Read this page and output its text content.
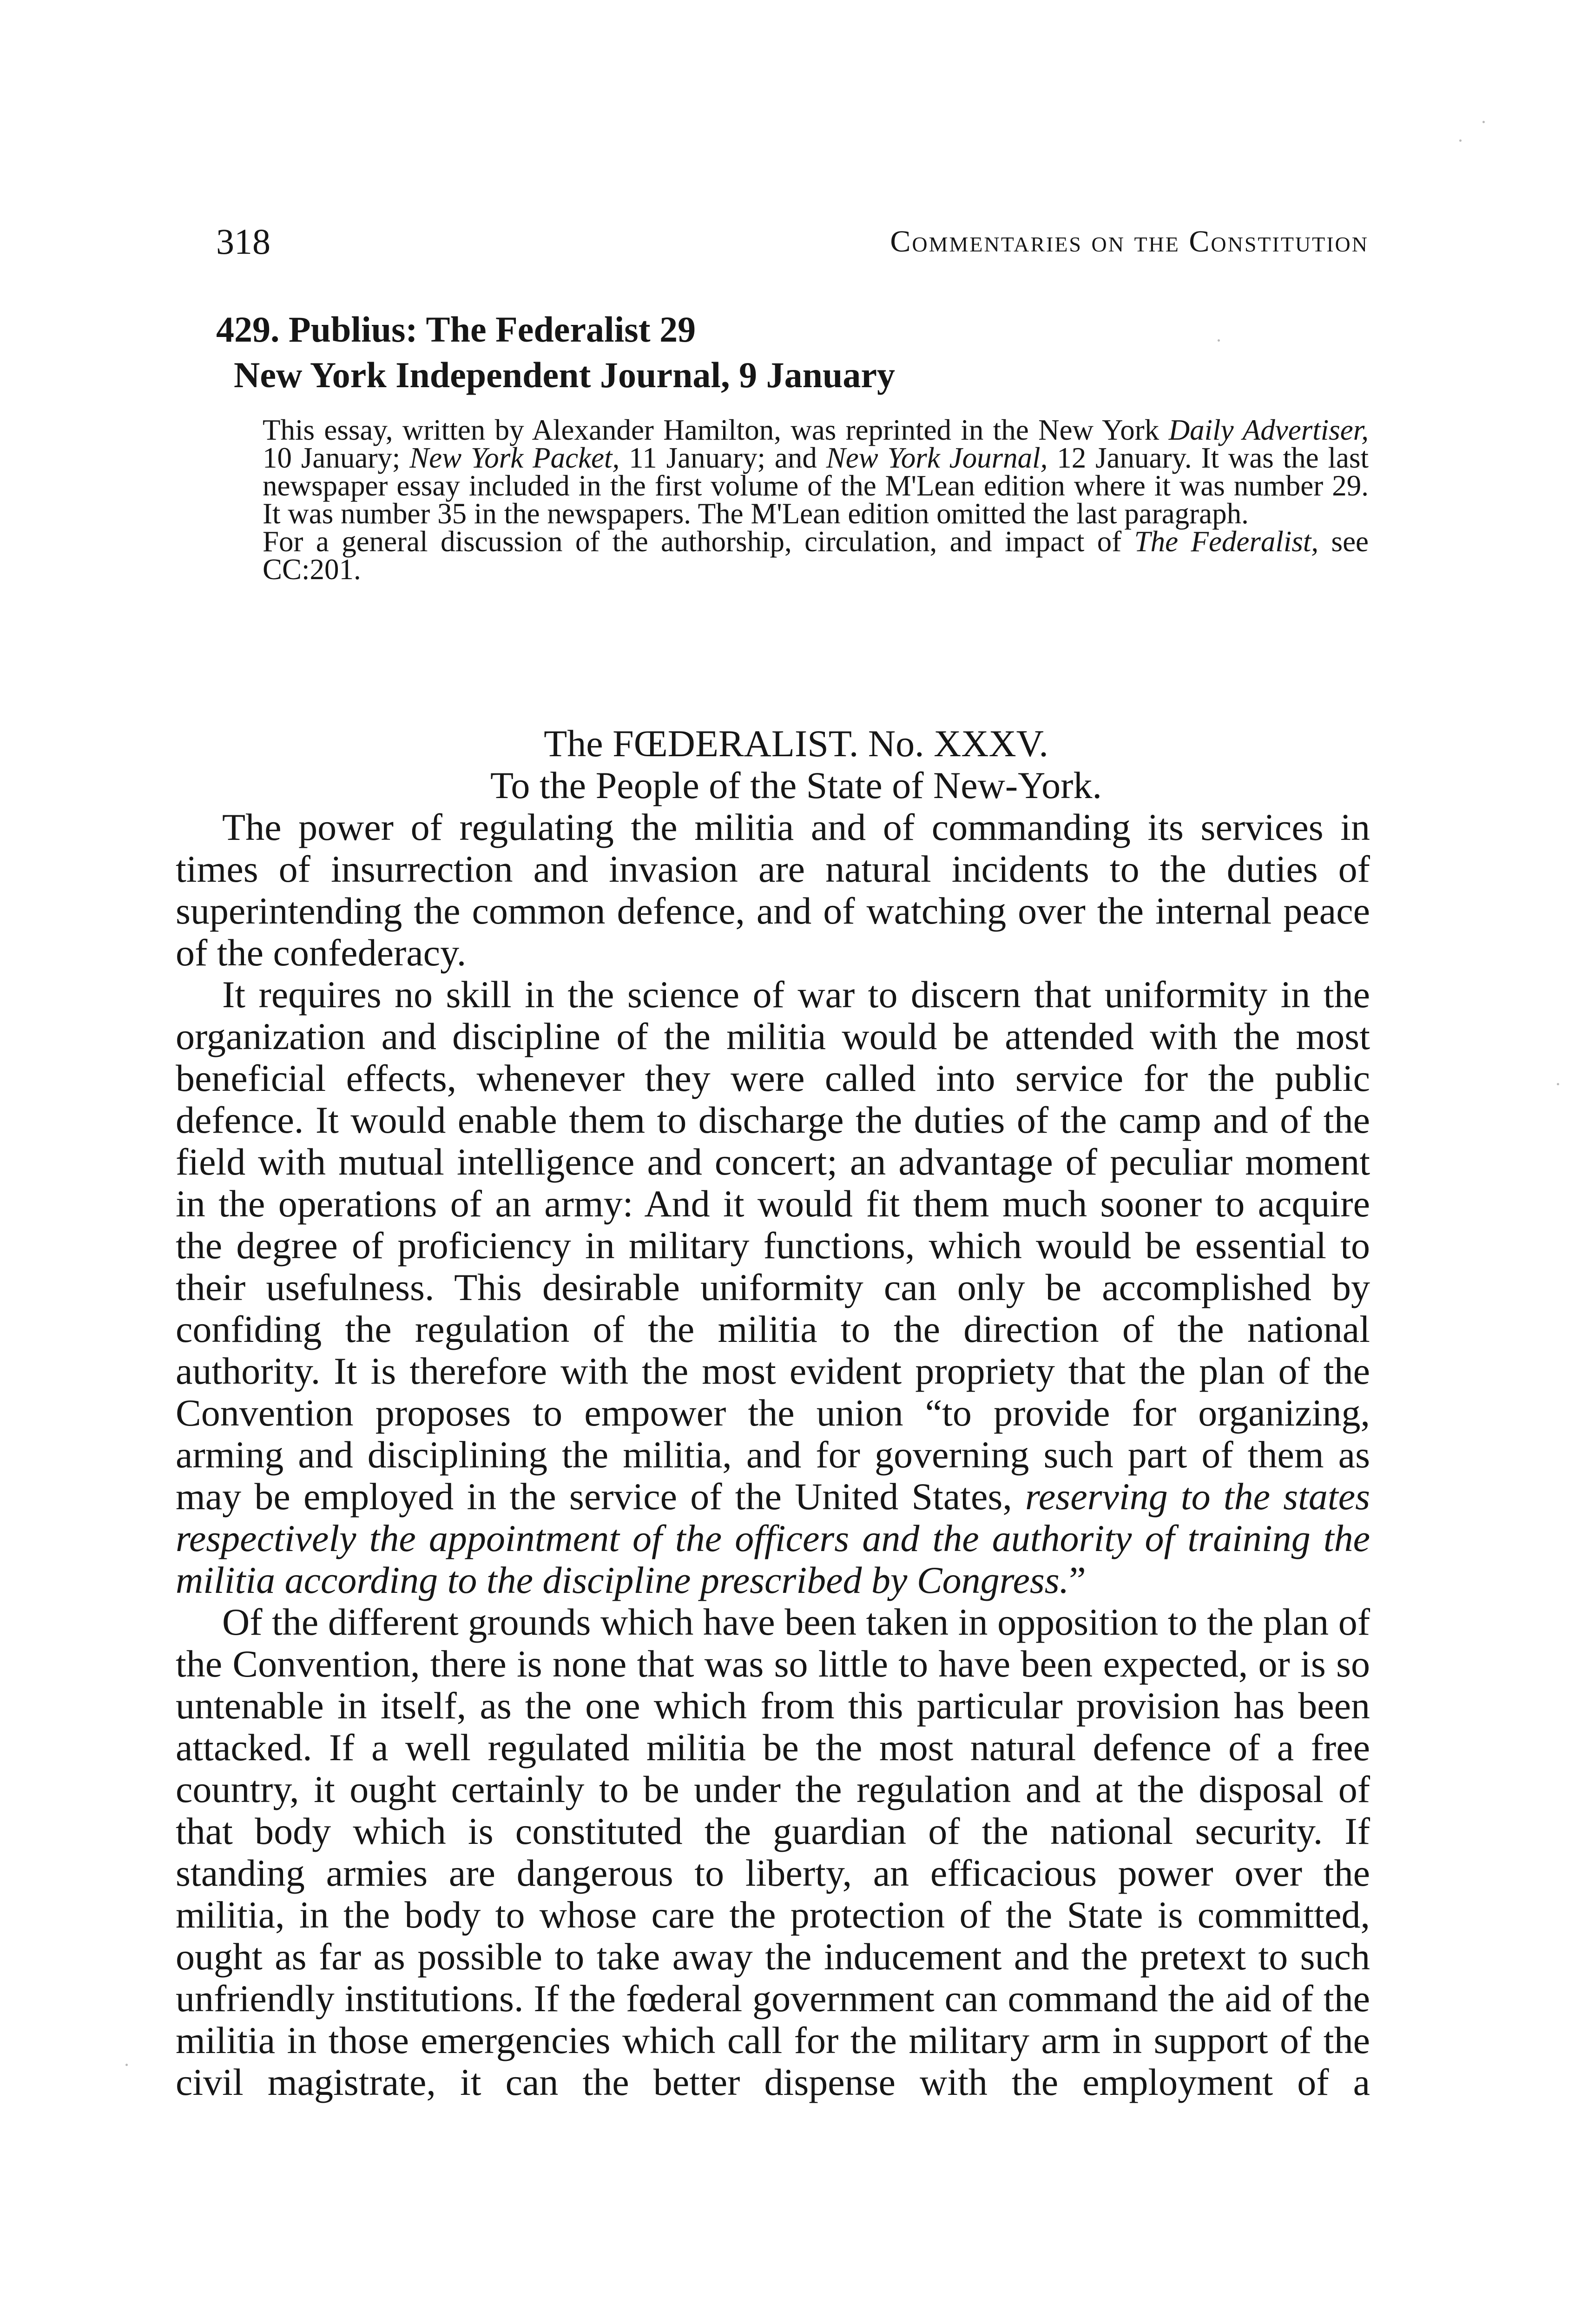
318	Commentaries on the Constitution
429. Publius: The Federalist 29
New York Independent Journal, 9 January

This essay, written by Alexander Hamilton, was reprinted in the New York Daily Advertiser, 10 January; New York Packet, 11 January; and New York Journal, 12 January. It was the last newspaper essay included in the first volume of the M'Lean edition where it was number 29. It was number 35 in the newspapers. The M'Lean edition omitted the last paragraph.

For a general discussion of the authorship, circulation, and impact of The Federalist, see CC:201.

The FŒDERALIST. No. XXXV.

To the People of the State of New-York.

The power of regulating the militia and of commanding its services in times of insurrection and invasion are natural incidents to the duties of superintending the common defence, and of watching over the internal peace of the confederacy.

It requires no skill in the science of war to discern that uniformity in the organization and discipline of the militia would be attended with the most beneficial effects, whenever they were called into service for the public defence. It would enable them to discharge the duties of the camp and of the field with mutual intelligence and concert; an advantage of peculiar moment in the operations of an army: And it would fit them much sooner to acquire the degree of proficiency in military functions, which would be essential to their usefulness. This desirable uniformity can only be accomplished by confiding the regulation of the militia to the direction of the national authority. It is therefore with the most evident propriety that the plan of the Convention proposes to empower the union “to provide for organizing, arming and disciplining the militia, and for governing such part of them as may be employed in the service of the United States, reserving to the states respectively the appointment of the officers and the authority of training the militia according to the discipline prescribed by Congress.”

Of the different grounds which have been taken in opposition to the plan of the Convention, there is none that was so little to have been expected, or is so untenable in itself, as the one which from this particular provision has been attacked. If a well regulated militia be the most natural defence of a free country, it ought certainly to be under the regulation and at the disposal of that body which is constituted the guardian of the national security. If standing armies are dangerous to liberty, an efficacious power over the militia, in the body to whose care the protection of the State is committed, ought as far as possible to take away the inducement and the pretext to such unfriendly institutions. If the fœderal government can command the aid of the militia in those emergencies which call for the military arm in support of the civil magistrate, it can the better dispense with the employment of a
